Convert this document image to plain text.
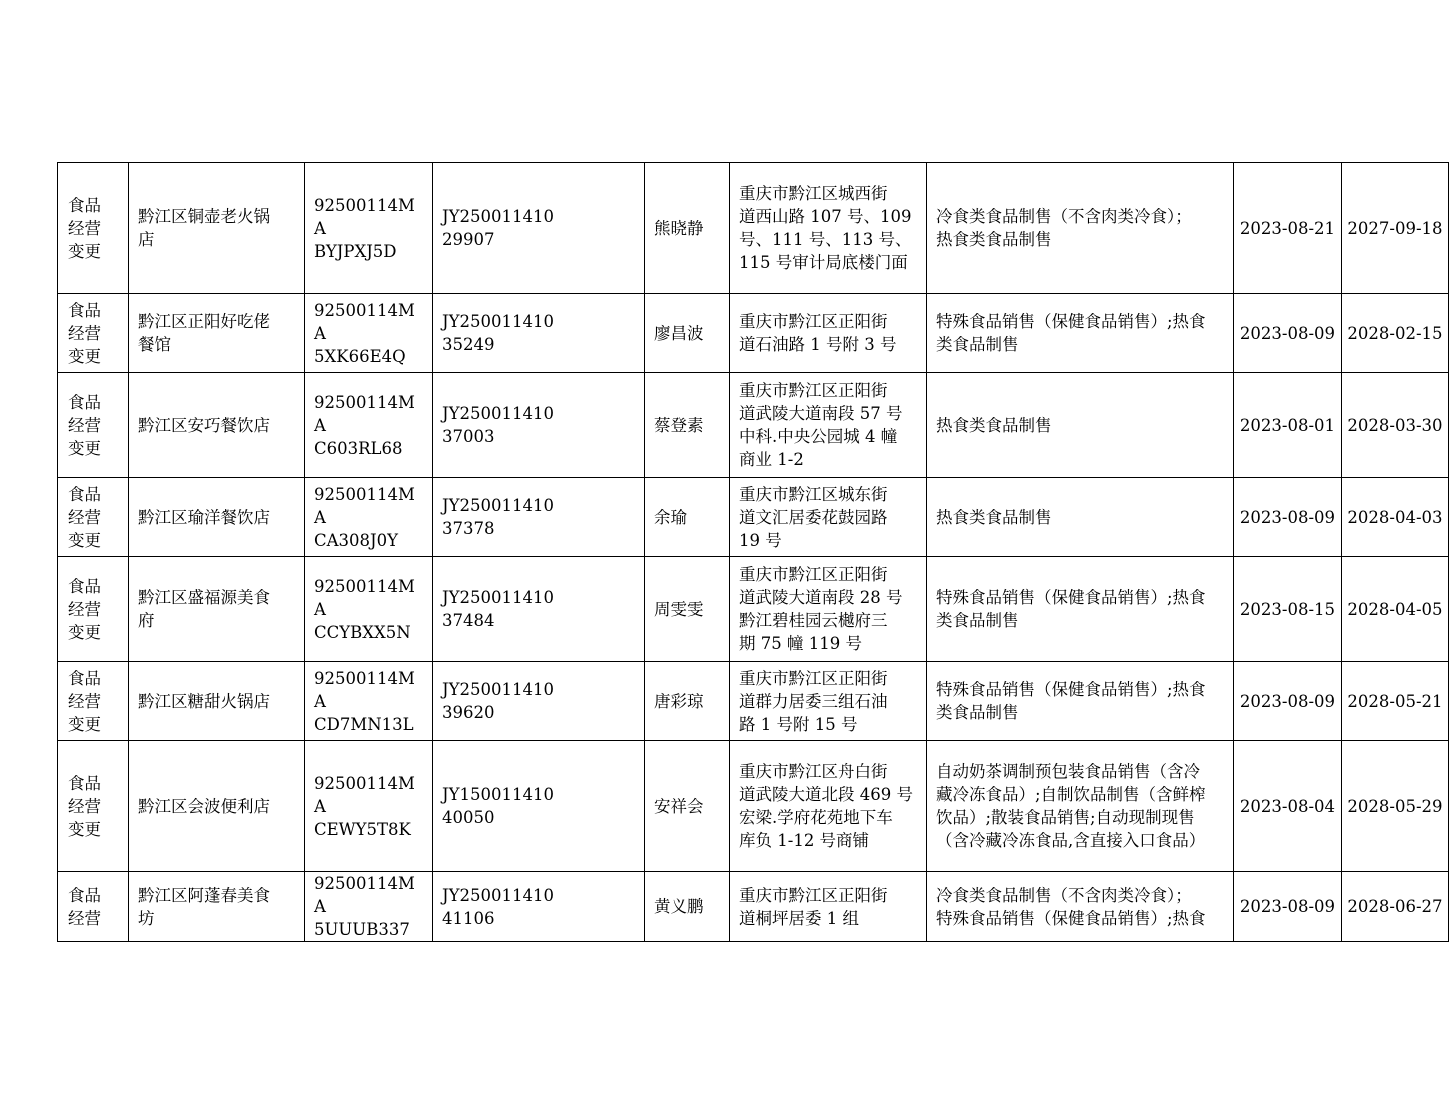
食品
经营
变更	黔江区铜壶老火锅
店	92500114MA
BYJPXJ5D	JY250011410
29907	熊晓静	重庆市黔江区城西街
道西山路 107 号、109
号、111 号、113 号、
115 号审计局底楼门面	冷食类食品制售（不含肉类冷食）；
热食类食品制售	2023-08-21	2027-09-18

食品
经营
变更	黔江区正阳好吃佬
餐馆	92500114MA
5XK66E4Q	JY250011410
35249	廖昌波	重庆市黔江区正阳街
道石油路 1 号附 3 号	特殊食品销售（保健食品销售）;热食
类食品制售	2023-08-09	2028-02-15

食品
经营
变更	黔江区安巧餐饮店	92500114MA
C603RL68	JY250011410
37003	蔡登素	重庆市黔江区正阳街
道武陵大道南段 57 号
中科.中央公园城 4 幢
商业 1-2	热食类食品制售	2023-08-01	2028-03-30

食品
经营
变更	黔江区瑜洋餐饮店	92500114MA
CA308J0Y	JY250011410
37378	余瑜	重庆市黔江区城东街
道文汇居委花鼓园路
19 号	热食类食品制售	2023-08-09	2028-04-03

食品
经营
变更	黔江区盛福源美食
府	92500114MA
CCYBXX5N	JY250011410
37484	周雯雯	重庆市黔江区正阳街
道武陵大道南段 28 号
黔江碧桂园云樾府三
期 75 幢 119 号	特殊食品销售（保健食品销售）;热食
类食品制售	2023-08-15	2028-04-05

食品
经营
变更	黔江区糖甜火锅店	92500114MA
CD7MN13L	JY250011410
39620	唐彩琼	重庆市黔江区正阳街
道群力居委三组石油
路 1 号附 15 号	特殊食品销售（保健食品销售）;热食
类食品制售	2023-08-09	2028-05-21

食品
经营
变更	黔江区会波便利店	92500114MA
CEWY5T8K	JY150011410
40050	安祥会	重庆市黔江区舟白街
道武陵大道北段 469 号
宏梁.学府花苑地下车
库负 1-12 号商铺	自动奶茶调制预包装食品销售（含冷
藏冷冻食品）;自制饮品制售（含鲜榨
饮品）;散装食品销售;自动现制现售
（含冷藏冷冻食品,含直接入口食品）	2023-08-04	2028-05-29

食品
经营	黔江区阿蓬春美食
坊	92500114MA
5UUUB337	JY250011410
41106	黄义鹏	重庆市黔江区正阳街
道桐坪居委 1 组	冷食类食品制售（不含肉类冷食）；
特殊食品销售（保健食品销售）;热食	2023-08-09	2028-06-27
